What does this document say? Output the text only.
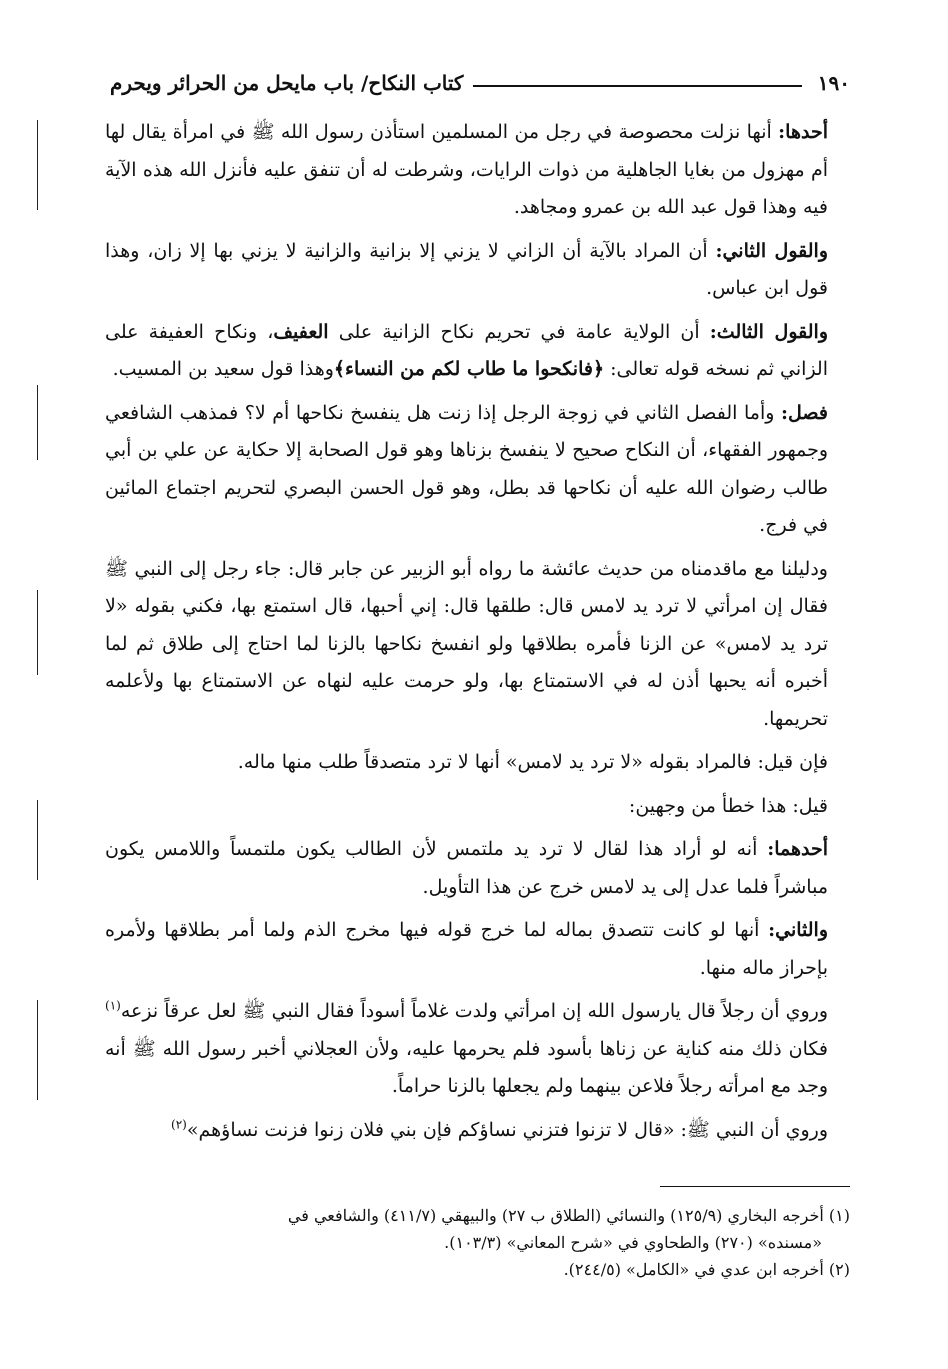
١٩٠
كتاب النكاح/ باب مايحل من الحرائر ويحرم

أحدها: أنها نزلت محصوصة في رجل من المسلمين استأذن رسول الله ﷺ في امرأة يقال لها أم مهزول من بغايا الجاهلية من ذوات الرايات، وشرطت له أن تنفق عليه فأنزل الله هذه الآية فيه وهذا قول عبد الله بن عمرو ومجاهد.

والقول الثاني: أن المراد بالآية أن الزاني لا يزني إلا بزانية والزانية لا يزني بها إلا زان، وهذا قول ابن عباس.

والقول الثالث: أن الولاية عامة في تحريم نكاح الزانية على العفيف، ونكاح العفيفة على الزاني ثم نسخه قوله تعالى: ﴿فانكحوا ما طاب لكم من النساء﴾وهذا قول سعيد بن المسيب.

فصل: وأما الفصل الثاني في زوجة الرجل إذا زنت هل ينفسخ نكاحها أم لا؟ فمذهب الشافعي وجمهور الفقهاء، أن النكاح صحيح لا ينفسخ بزناها وهو قول الصحابة إلا حكاية عن علي بن أبي طالب رضوان الله عليه أن نكاحها قد بطل، وهو قول الحسن البصري لتحريم اجتماع المائين في فرج.

ودليلنا مع ماقدمناه من حديث عائشة ما رواه أبو الزبير عن جابر قال: جاء رجل إلى النبي ﷺ فقال إن امرأتي لا ترد يد لامس قال: طلقها قال: إني أحبها، قال استمتع بها، فكني بقوله «لا ترد يد لامس» عن الزنا فأمره بطلاقها ولو انفسخ نكاحها بالزنا لما احتاج إلى طلاق ثم لما أخبره أنه يحبها أذن له في الاستمتاع بها، ولو حرمت عليه لنهاه عن الاستمتاع بها ولأعلمه تحريمها.

فإن قيل: فالمراد بقوله «لا ترد يد لامس» أنها لا ترد متصدقاً طلب منها ماله.

قيل: هذا خطأ من وجهين:

أحدهما: أنه لو أراد هذا لقال لا ترد يد ملتمس لأن الطالب يكون ملتمساً واللامس يكون مباشراً فلما عدل إلى يد لامس خرج عن هذا التأويل.

والثاني: أنها لو كانت تتصدق بماله لما خرج قوله فيها مخرج الذم ولما أمر بطلاقها ولأمره بإحراز ماله منها.

وروي أن رجلاً قال يارسول الله إن امرأتي ولدت غلاماً أسوداً فقال النبي ﷺ لعل عرقاً نزعه$^{(١)}$ فكان ذلك منه كناية عن زناها بأسود فلم يحرمها عليه، ولأن العجلاني أخبر رسول الله ﷺ أنه وجد مع امرأته رجلاً فلاعن بينهما ولم يجعلها بالزنا حراماً.

وروي أن النبي ﷺ: «قال لا تزنوا فتزني نساؤكم فإن بني فلان زنوا فزنت نساؤهم»$^{(٢)}$

(١) أخرجه البخاري (١٢٥/٩) والنسائي (الطلاق ب ٢٧) والبيهقي (٤١١/٧) والشافعي في

«مسنده» (٢٧٠) والطحاوي في «شرح المعاني» (١٠٣/٣).

(٢) أخرجه ابن عدي في «الكامل» (٢٤٤/٥).
